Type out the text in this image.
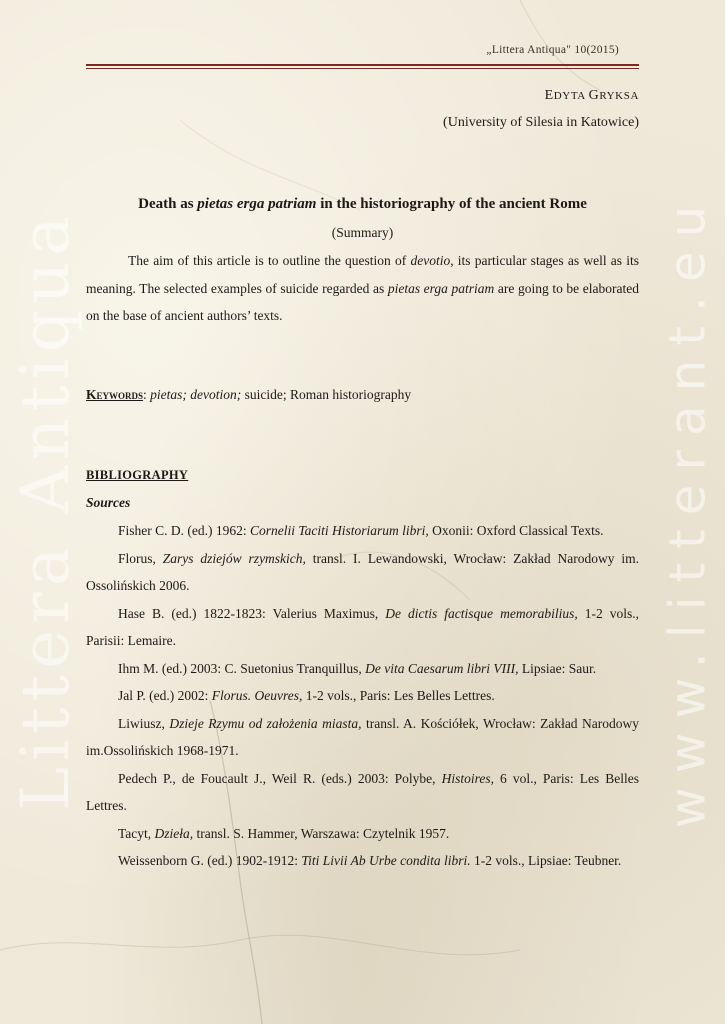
Littera Antiqua	www.litterant.eu
„Littera Antiqua" 10(2015)
EDYTA GRYKSA
(University of Silesia in Katowice)
Death as pietas erga patriam in the historiography of the ancient Rome
(Summary)
The aim of this article is to outline the question of devotio, its particular stages as well as its meaning. The selected examples of suicide regarded as pietas erga patriam are going to be elaborated on the base of ancient authors’ texts.
Keywords: pietas; devotion; suicide; Roman historiography
BIBLIOGRAPHY
Sources

Fisher C. D. (ed.) 1962: Cornelii Taciti Historiarum libri, Oxonii: Oxford Classical Texts.

Florus, Zarys dziejów rzymskich, transl. I. Lewandowski, Wrocław: Zakład Narodowy im. Ossolińskich 2006.

Hase B. (ed.) 1822-1823: Valerius Maximus, De dictis factisque memorabilius, 1-2 vols., Parisii: Lemaire.

Ihm M. (ed.) 2003: C. Suetonius Tranquillus, De vita Caesarum libri VIII, Lipsiae: Saur.

Jal P. (ed.) 2002: Florus. Oeuvres, 1-2 vols., Paris: Les Belles Lettres.

Liwiusz, Dzieje Rzymu od założenia miasta, transl. A. Kościółek, Wrocław: Zakład Narodowy im.Ossolińskich 1968-1971.

Pedech P., de Foucault J., Weil R. (eds.) 2003: Polybe, Histoires, 6 vol., Paris: Les Belles Lettres.

Tacyt, Dzieła, transl. S. Hammer, Warszawa: Czytelnik 1957.

Weissenborn G. (ed.) 1902-1912: Titi Livii Ab Urbe condita libri. 1-2 vols., Lipsiae: Teubner.
